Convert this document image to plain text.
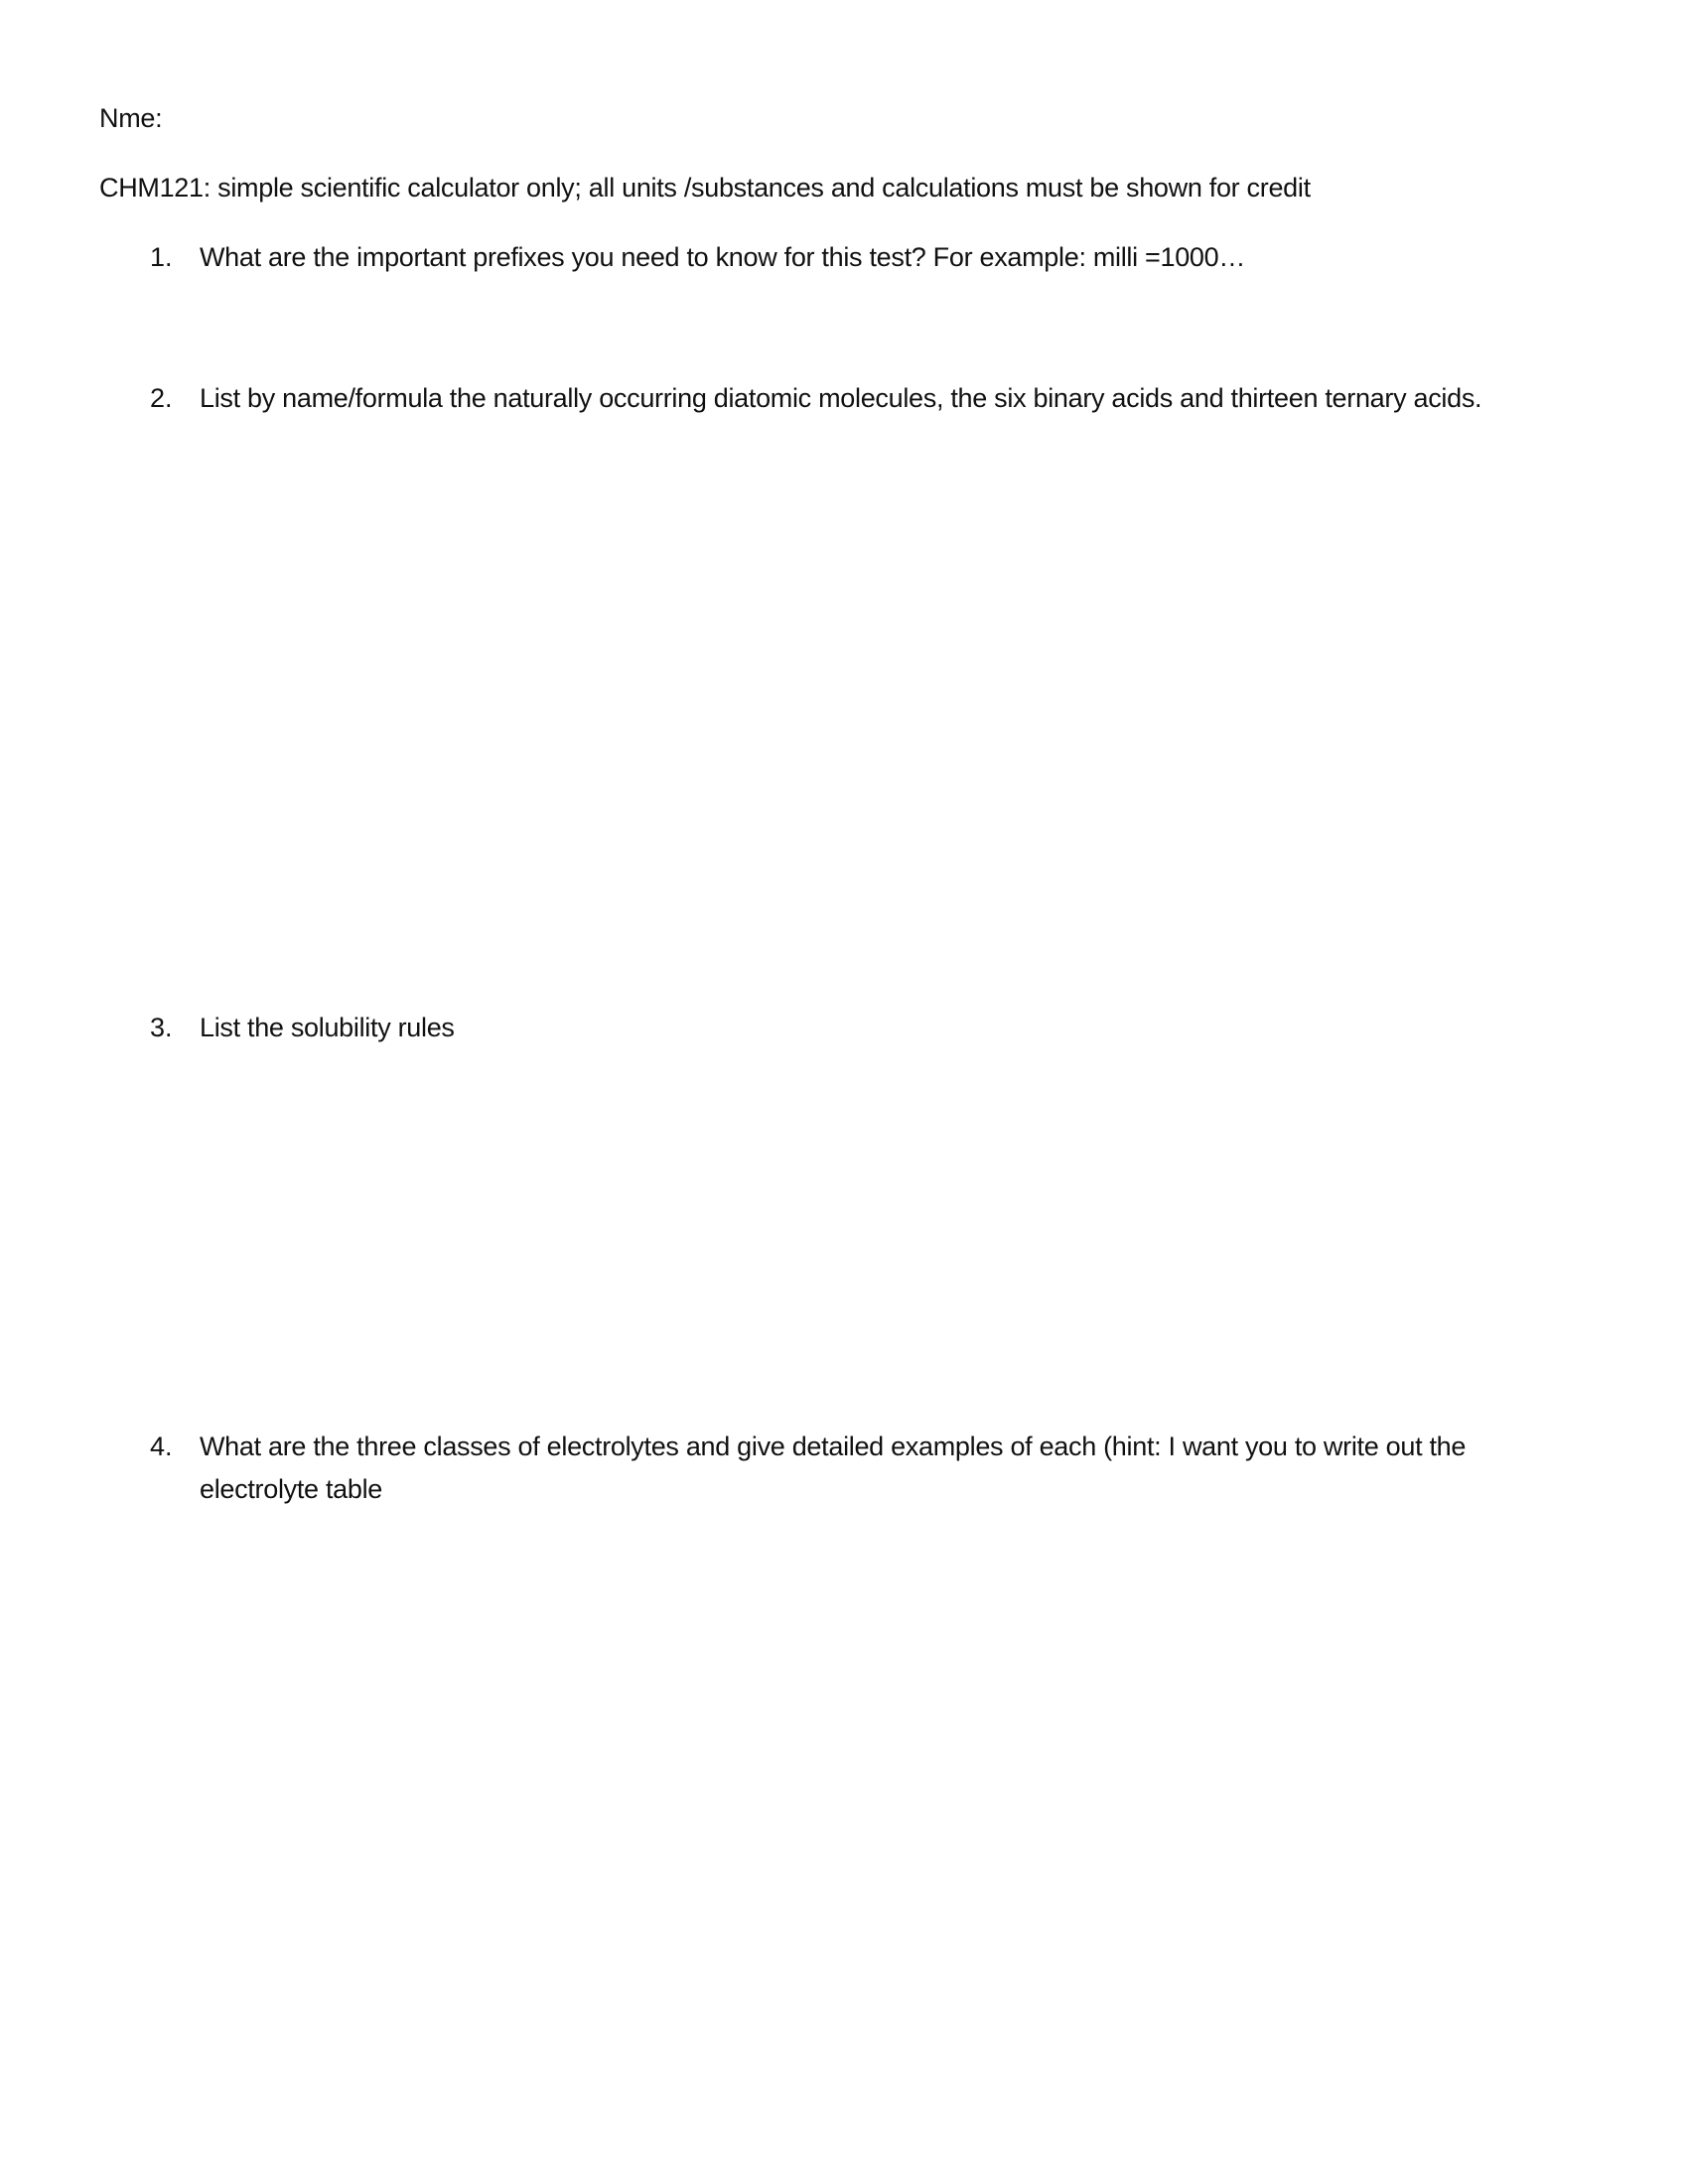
Nme:
CHM121: simple scientific calculator only; all units /substances and calculations must be shown for credit
1. What are the important prefixes you need to know for this test? For example: milli =1000…
2. List by name/formula the naturally occurring diatomic molecules, the six binary acids and thirteen ternary acids.
3. List the solubility rules
4. What are the three classes of electrolytes and give detailed examples of each (hint: I want you to write out the electrolyte table
